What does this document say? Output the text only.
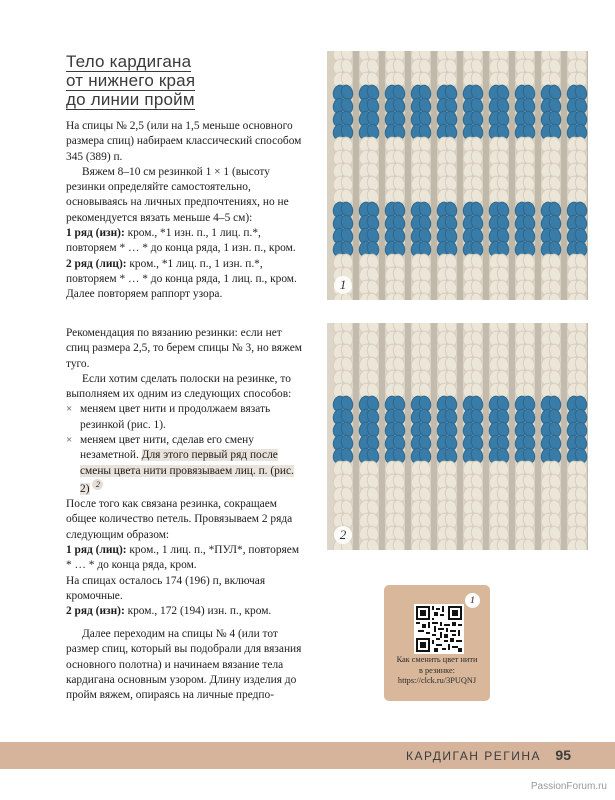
Тело кардигана
от нижнего края
до линии пройм

На спицы № 2,5 (или на 1,5 меньше основного размера спиц) набираем классический способом 345 (389) п.

Вяжем 8–10 см резинкой 1 × 1 (высоту резинки определяйте самостоятельно, основываясь на личных предпочтениях, но не рекомендуется вязать меньше 4–5 см):

1 ряд (изн): кром., *1 изн. п., 1 лиц. п.*, повторяем * … * до конца ряда, 1 изн. п., кром.

2 ряд (лиц): кром., *1 лиц. п., 1 изн. п.*, повторяем * … * до конца ряда, 1 лиц. п., кром.

Далее повторяем раппорт узора.

Рекомендация по вязанию резинки: если нет спиц размера 2,5, то берем спицы № 3, но вяжем туго.

Если хотим сделать полоски на резинке, то выполняем их одним из следующих способов:

× меняем цвет нити и продолжаем вязать резинкой (рис. 1).
× меняем цвет нити, сделав его смену незаметной. Для этого первый ряд после смены цвета нити провязываем лиц. п. (рис. 2) 2

После того как связана резинка, сокращаем общее количество петель. Провязываем 2 ряда следующим образом:

1 ряд (лиц): кром., 1 лиц. п., *ПУЛ*, повторяем * … * до конца ряда, кром.

На спицах осталось 174 (196) п, включая кромочные.

2 ряд (изн): кром., 172 (194) изн. п., кром.

Далее переходим на спицы № 4 (или тот размер спиц, который вы подобрали для вязания основного полотна) и начинаем вязание тела кардигана основным узором. Длину изделия до пройм вяжем, опираясь на личные предпо-

1
2
1
Как сменить цвет нити
в резинке:
https://clck.ru/3PUQNJ
КАРДИГАН РЕГИНА 95
PassionForum.ru
